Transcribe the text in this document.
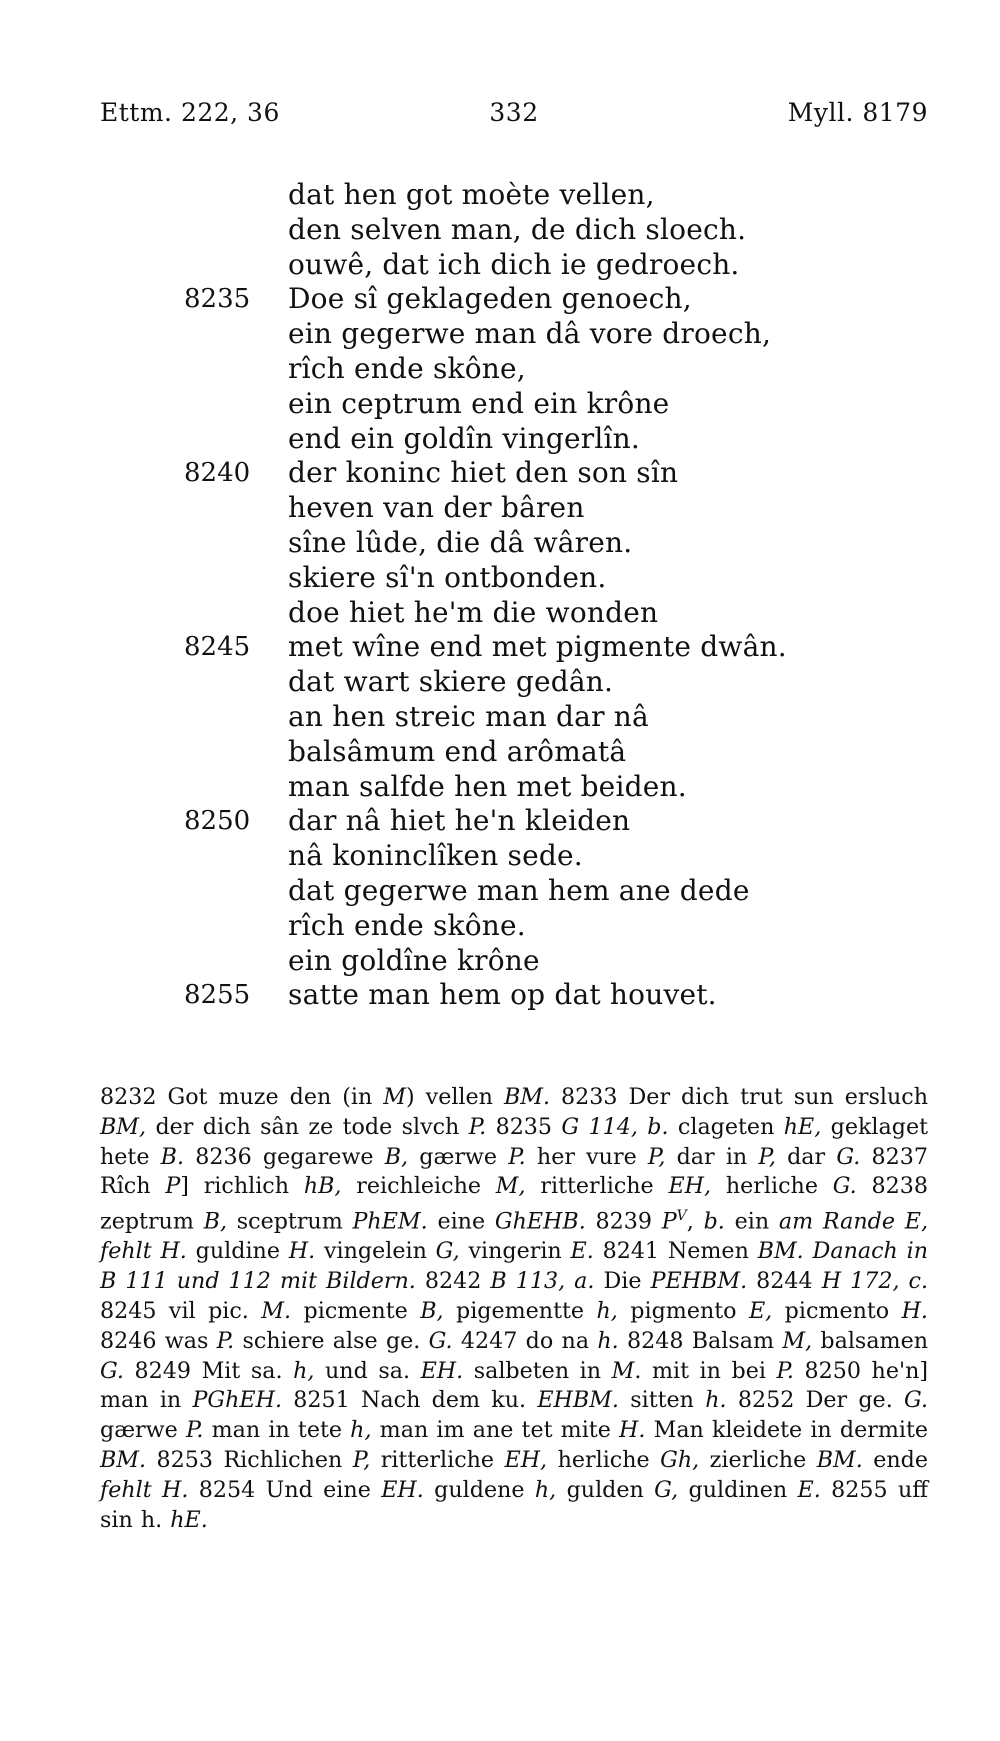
Ettm. 222, 36	332	Myll. 8179
dat hen got moète vellen,
den selven man, de dich sloech.
ouwê, dat ich dich ie gedroech.
8235	Doe sî geklageden genoech,
ein gegerwe man dâ vore droech,
rîch ende skône,
ein ceptrum end ein krône
end ein goldîn vingerlîn.
8240	der koninc hiet den son sîn
heven van der bâren
sîne lûde, die dâ wâren.
skiere sî'n ontbonden.
doe hiet he'm die wonden
8245	met wîne end met pigmente dwân.
dat wart skiere gedân.
an hen streic man dar nâ
balsâmum end arômatâ
man salfde hen met beiden.
8250	dar nâ hiet he'n kleiden
nâ koninclîken sede.
dat gegerwe man hem ane dede
rîch ende skône.
ein goldîne krône
8255	satte man hem op dat houvet.
8232 Got muze den (in M) vellen BM. 8233 Der dich trut sun ersluch BM, der dich sân ze tode slvch P. 8235 G 114, b. clageten hE, geklaget hete B. 8236 gegarewe B, gærwe P. her vure P, dar in P, dar G. 8237 Rîch P] richlich hB, reichleiche M, ritterliche EH, herliche G. 8238 zeptrum B, sceptrum PhEM. eine GhEHB. 8239 $P^V$, b. ein am Rande E, fehlt H. guldine H. vingelein G, vingerin E. 8241 Nemen BM. Danach in B 111 und 112 mit Bildern. 8242 B 113, a. Die PEHBM. 8244 H 172, c. 8245 vil pic. M. picmente B, pigementte h, pigmento E, picmento H. 8246 was P. schiere alse ge. G. 4247 do na h. 8248 Balsam M, balsamen G. 8249 Mit sa. h, und sa. EH. salbeten in M. mit in bei P. 8250 he'n] man in PGhEH. 8251 Nach dem ku. EHBM. sitten h. 8252 Der ge. G. gærwe P. man in tete h, man im ane tet mite H. Man kleidete in dermite BM. 8253 Richlichen P, ritterliche EH, herliche Gh, zierliche BM. ende fehlt H. 8254 Und eine EH. guldene h, gulden G, guldinen E. 8255 uff sin h. hE.
